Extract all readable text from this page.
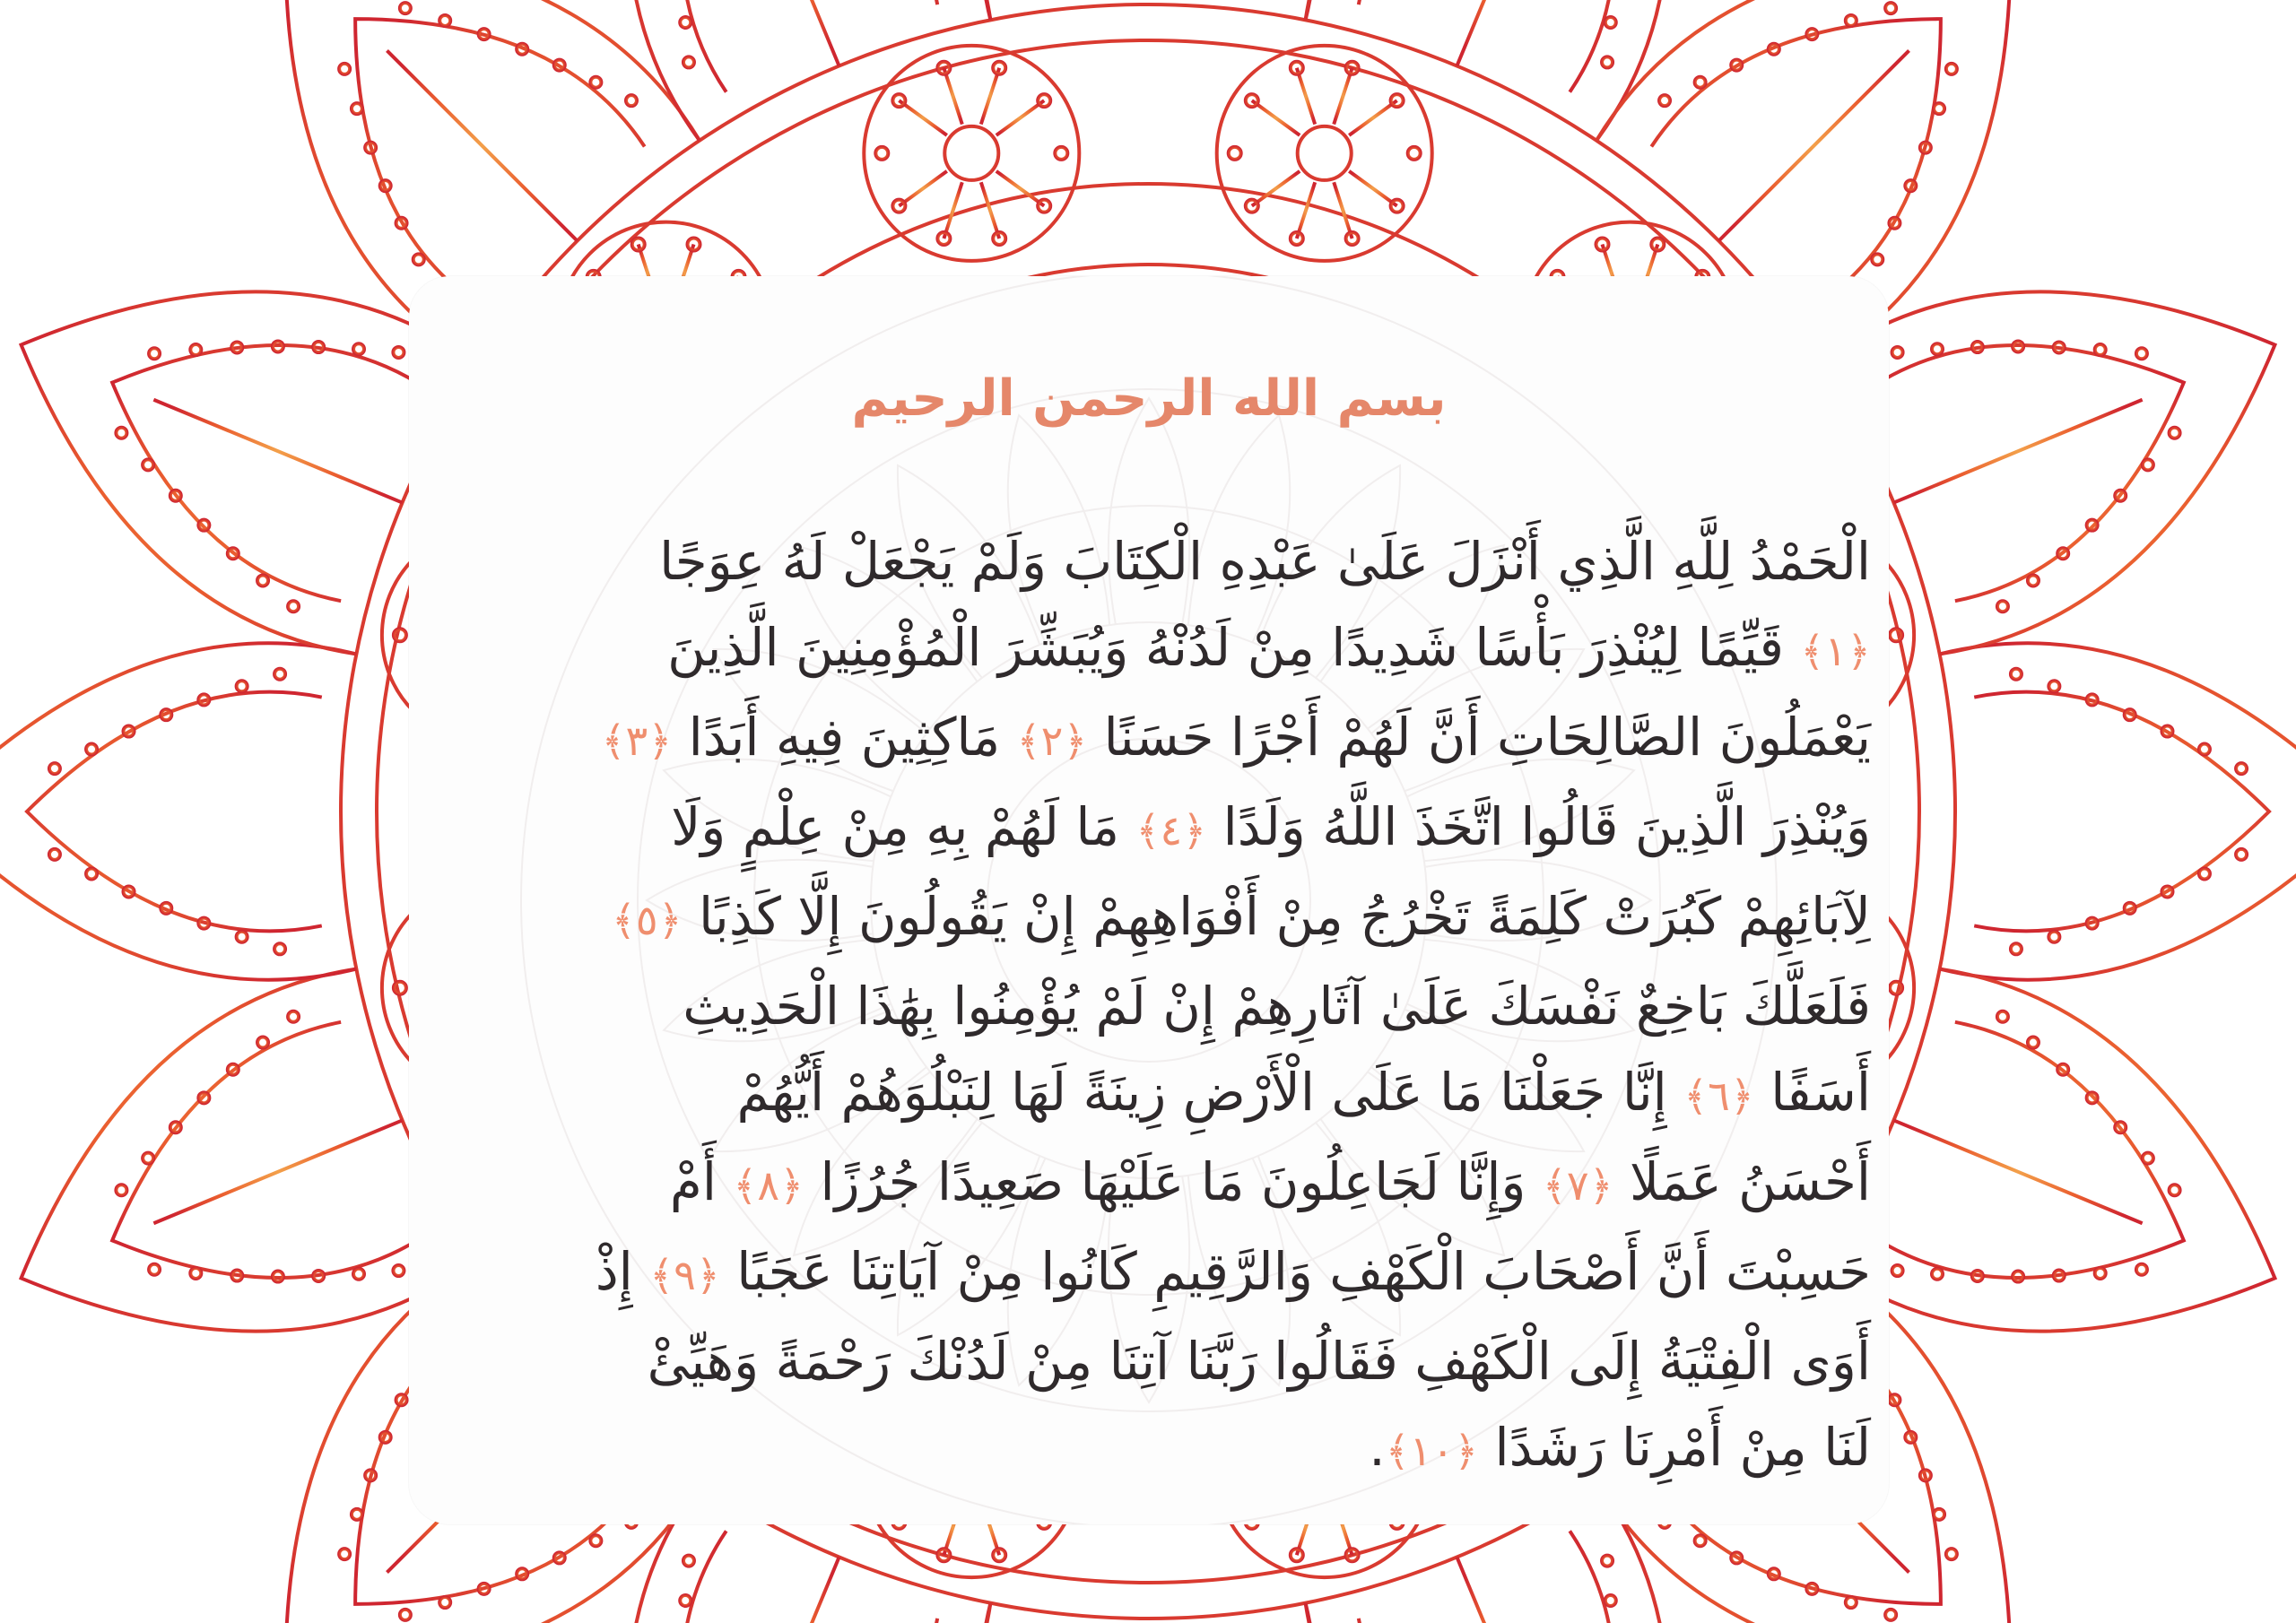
بسم الله الرحمن الرحيم
الْحَمْدُ لِلَّهِ الَّذِي أَنْزَلَ عَلَىٰ عَبْدِهِ الْكِتَابَ وَلَمْ يَجْعَلْ لَهُ عِوَجًا
﴿١﴾ قَيِّمًا لِيُنْذِرَ بَأْسًا شَدِيدًا مِنْ لَدُنْهُ وَيُبَشِّرَ الْمُؤْمِنِينَ الَّذِينَ
يَعْمَلُونَ الصَّالِحَاتِ أَنَّ لَهُمْ أَجْرًا حَسَنًا ﴿٢﴾ مَاكِثِينَ فِيهِ أَبَدًا ﴿٣﴾
وَيُنْذِرَ الَّذِينَ قَالُوا اتَّخَذَ اللَّهُ وَلَدًا ﴿٤﴾ مَا لَهُمْ بِهِ مِنْ عِلْمٍ وَلَا
لِآبَائِهِمْ كَبُرَتْ كَلِمَةً تَخْرُجُ مِنْ أَفْوَاهِهِمْ إِنْ يَقُولُونَ إِلَّا كَذِبًا ﴿٥﴾
فَلَعَلَّكَ بَاخِعٌ نَفْسَكَ عَلَىٰ آثَارِهِمْ إِنْ لَمْ يُؤْمِنُوا بِهَٰذَا الْحَدِيثِ
أَسَفًا ﴿٦﴾ إِنَّا جَعَلْنَا مَا عَلَى الْأَرْضِ زِينَةً لَهَا لِنَبْلُوَهُمْ أَيُّهُمْ
أَحْسَنُ عَمَلًا ﴿٧﴾ وَإِنَّا لَجَاعِلُونَ مَا عَلَيْهَا صَعِيدًا جُرُزًا ﴿٨﴾ أَمْ
حَسِبْتَ أَنَّ أَصْحَابَ الْكَهْفِ وَالرَّقِيمِ كَانُوا مِنْ آيَاتِنَا عَجَبًا ﴿٩﴾ إِذْ
أَوَى الْفِتْيَةُ إِلَى الْكَهْفِ فَقَالُوا رَبَّنَا آتِنَا مِنْ لَدُنْكَ رَحْمَةً وَهَيِّئْ
لَنَا مِنْ أَمْرِنَا رَشَدًا ﴿١٠﴾.
